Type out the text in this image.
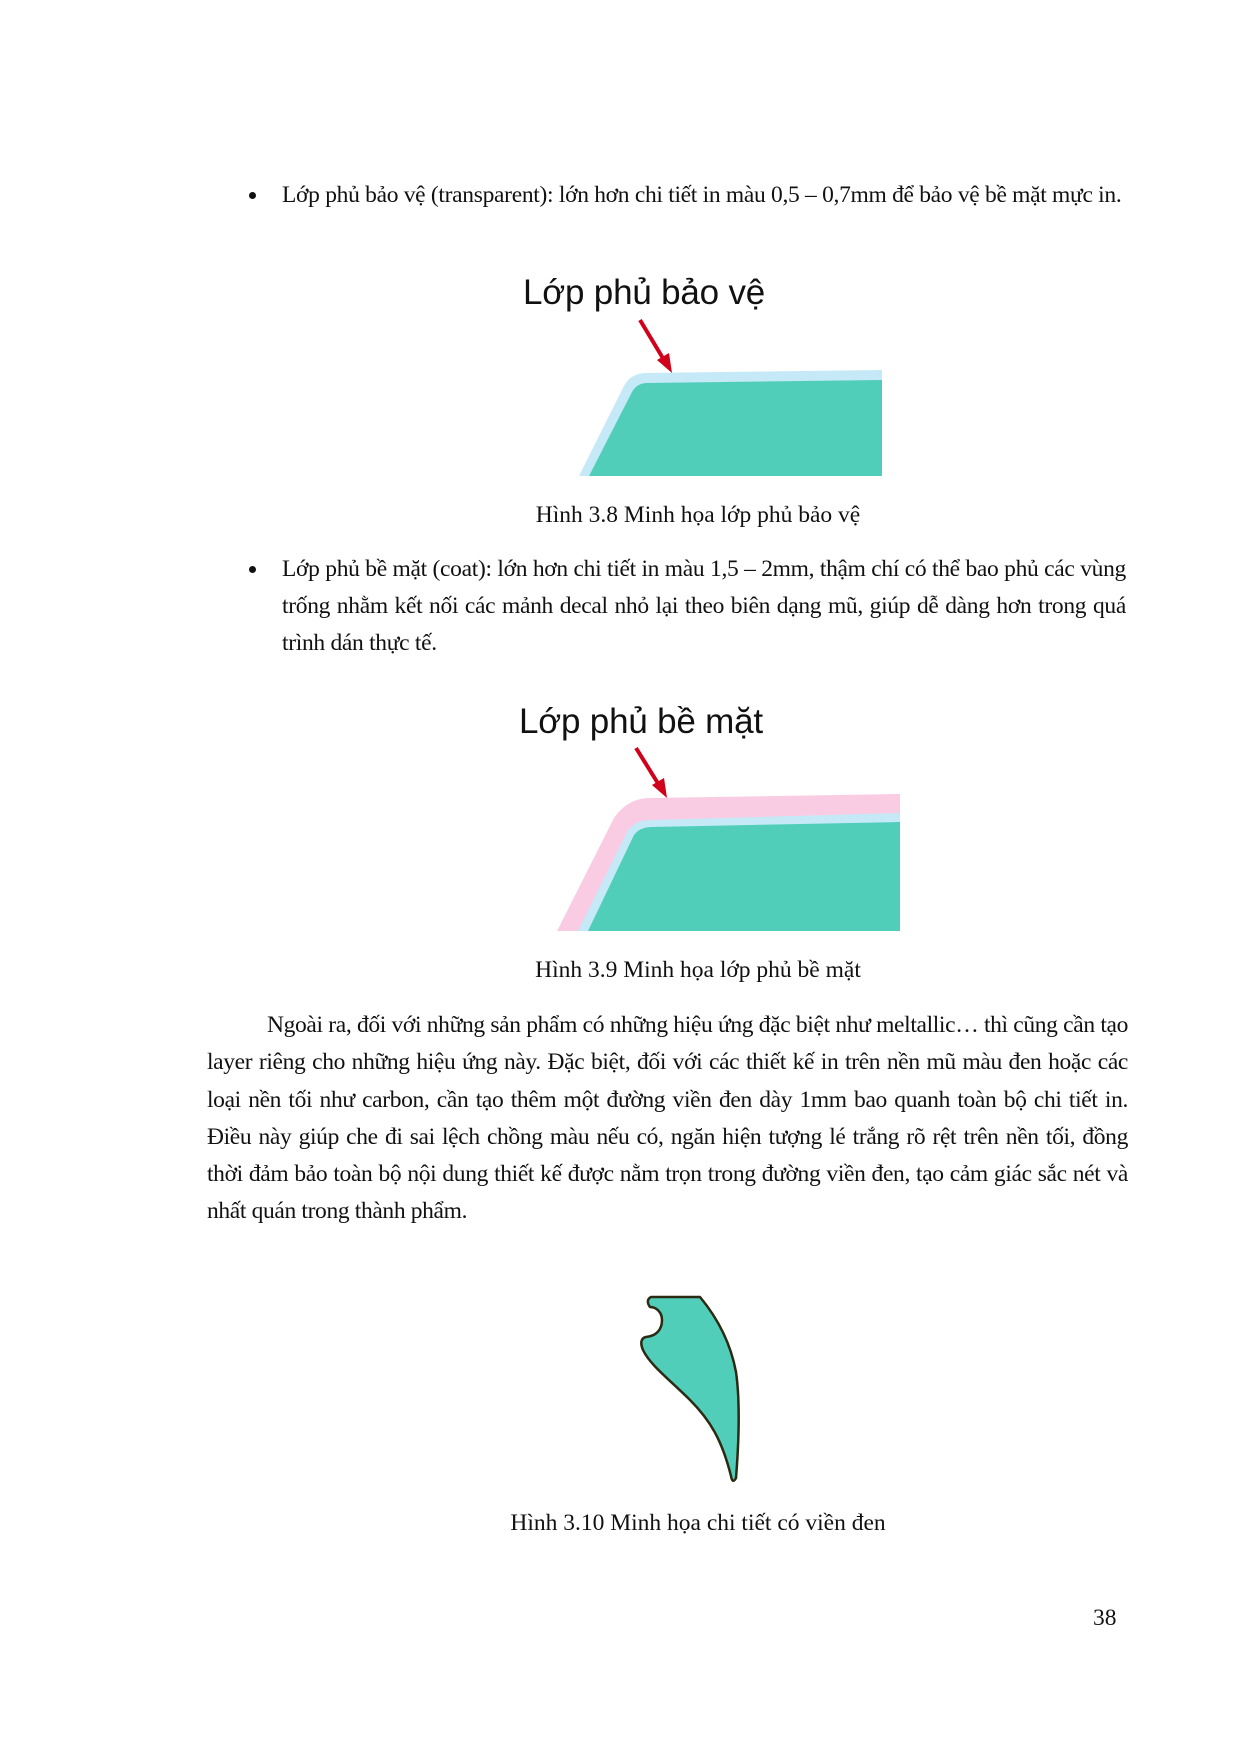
Lớp phủ bảo vệ (transparent): lớn hơn chi tiết in màu 0,5 – 0,7mm để bảo vệ bề mặt mực in.
Lớp phủ bảo vệ
Hình 3.8 Minh họa lớp phủ bảo vệ
Lớp phủ bề mặt (coat): lớn hơn chi tiết in màu 1,5 – 2mm, thậm chí có thể bao phủ các vùng trống nhằm kết nối các mảnh decal nhỏ lại theo biên dạng mũ, giúp dễ dàng hơn trong quá trình dán thực tế.
Lớp phủ bề mặt
Hình 3.9 Minh họa lớp phủ bề mặt
Ngoài ra, đối với những sản phẩm có những hiệu ứng đặc biệt như meltallic… thì cũng cần tạo layer riêng cho những hiệu ứng này. Đặc biệt, đối với các thiết kế in trên nền mũ màu đen hoặc các loại nền tối như carbon, cần tạo thêm một đường viền đen dày 1mm bao quanh toàn bộ chi tiết in. Điều này giúp che đi sai lệch chồng màu nếu có, ngăn hiện tượng lé trắng rõ rệt trên nền tối, đồng thời đảm bảo toàn bộ nội dung thiết kế được nằm trọn trong đường viền đen, tạo cảm giác sắc nét và nhất quán trong thành phẩm.
Hình 3.10 Minh họa chi tiết có viền đen
38
